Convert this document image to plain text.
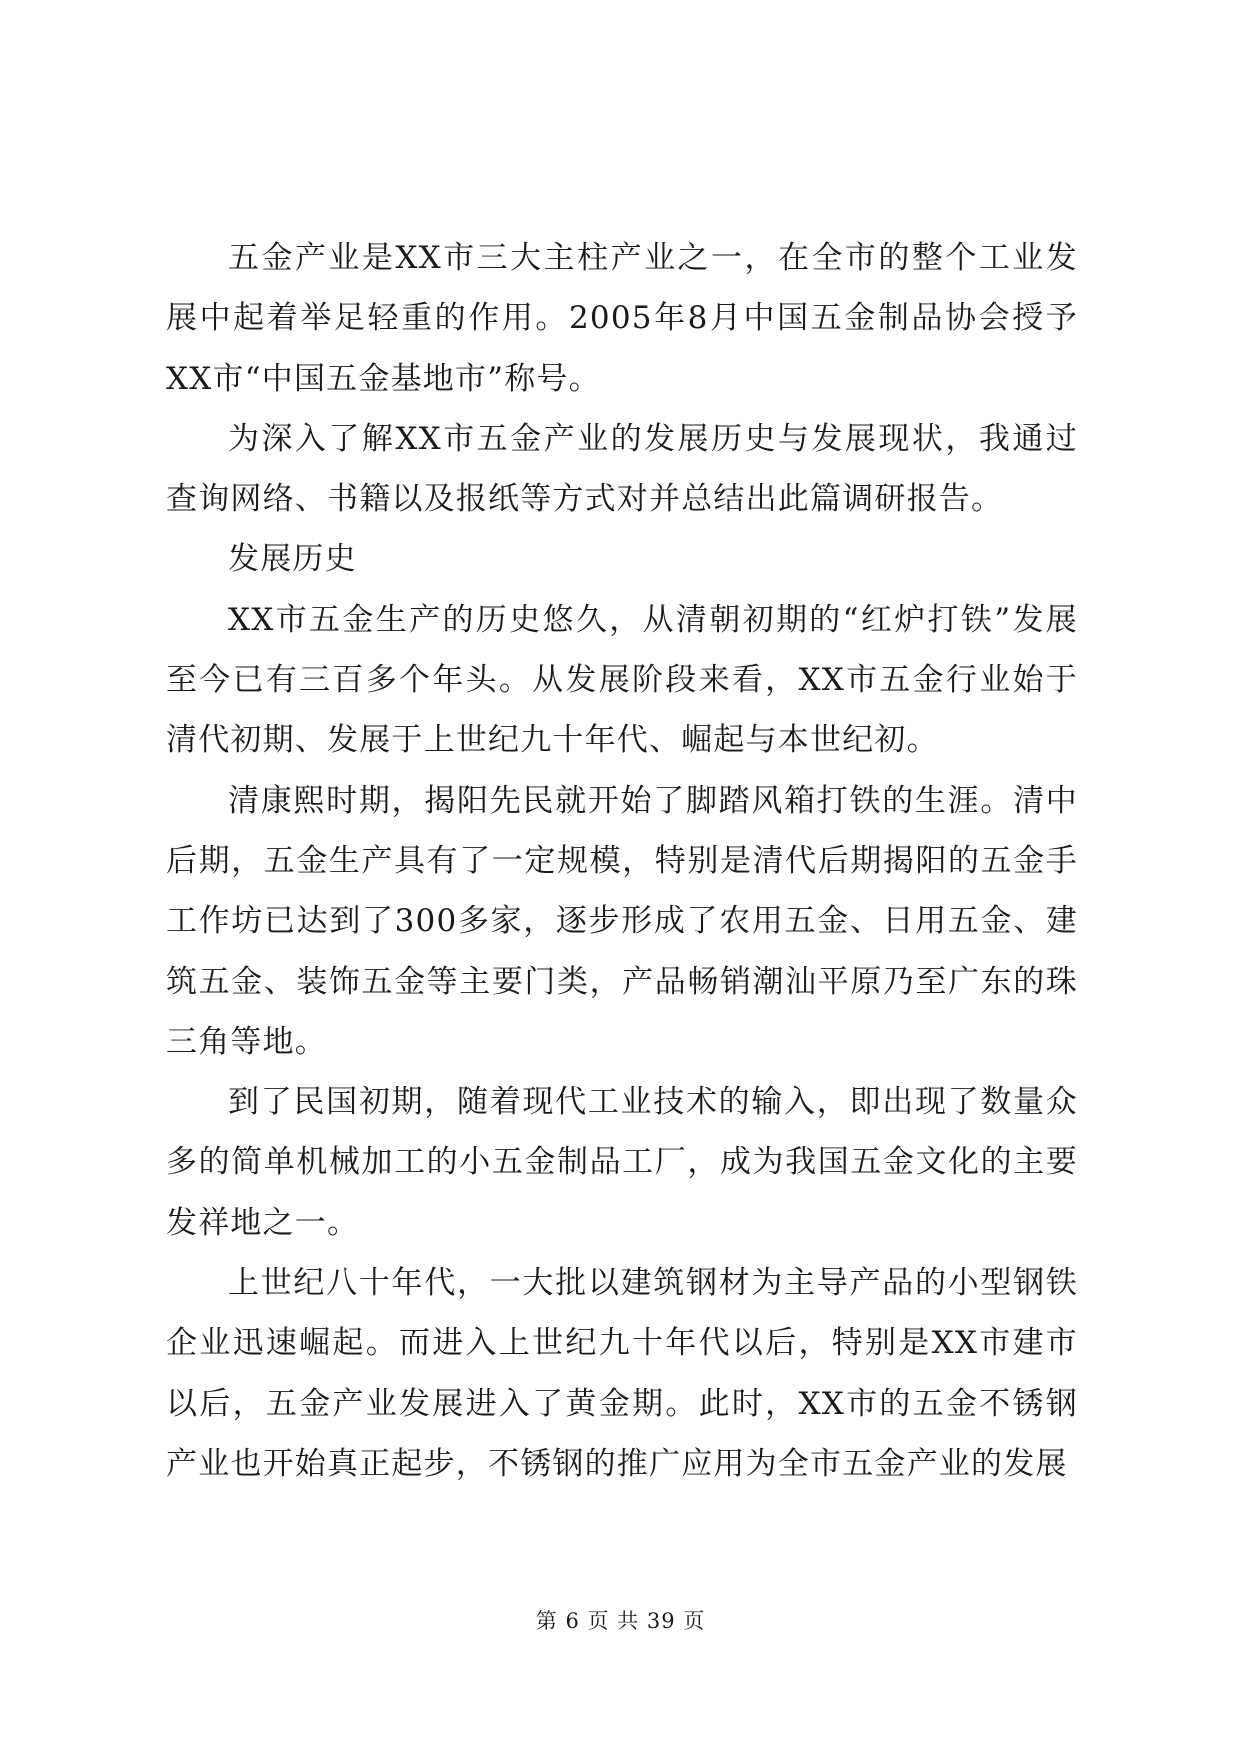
五金产业是XX市三大主柱产业之一，在全市的整个工业发展中起着举足轻重的作用。2005年8月中国五金制品协会授予XX市“中国五金基地市”称号。

为深入了解XX市五金产业的发展历史与发展现状，我通过查询网络、书籍以及报纸等方式对并总结出此篇调研报告。

发展历史

XX市五金生产的历史悠久，从清朝初期的“红炉打铁”发展至今已有三百多个年头。从发展阶段来看，XX市五金行业始于清代初期、发展于上世纪九十年代、崛起与本世纪初。

清康熙时期，揭阳先民就开始了脚踏风箱打铁的生涯。清中后期，五金生产具有了一定规模，特别是清代后期揭阳的五金手工作坊已达到了300多家，逐步形成了农用五金、日用五金、建筑五金、装饰五金等主要门类，产品畅销潮汕平原乃至广东的珠三角等地。

到了民国初期，随着现代工业技术的输入，即出现了数量众多的简单机械加工的小五金制品工厂，成为我国五金文化的主要发祥地之一。

上世纪八十年代，一大批以建筑钢材为主导产品的小型钢铁企业迅速崛起。而进入上世纪九十年代以后，特别是XX市建市以后，五金产业发展进入了黄金期。此时，XX市的五金不锈钢产业也开始真正起步，不锈钢的推广应用为全市五金产业的发展

第 6 页 共 39 页
